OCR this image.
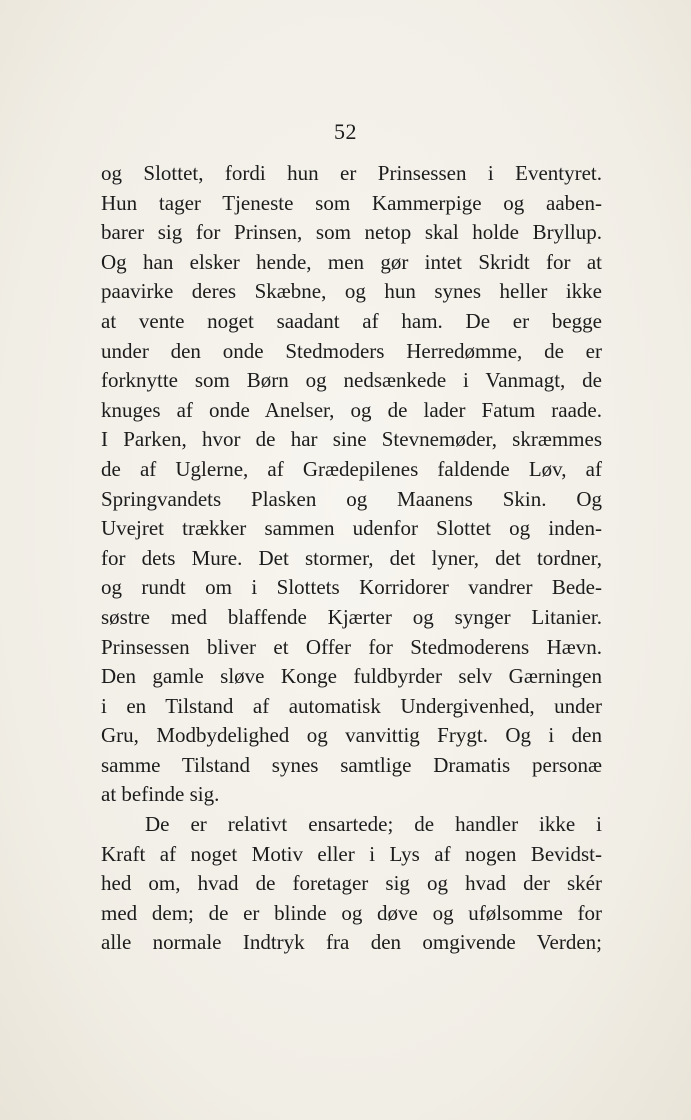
52
og Slottet, fordi hun er Prinsessen i Eventyret.
Hun tager Tjeneste som Kammerpige og aaben-
barer sig for Prinsen, som netop skal holde Bryllup.
Og han elsker hende, men gør intet Skridt for at
paavirke deres Skæbne, og hun synes heller ikke
at vente noget saadant af ham. De er begge
under den onde Stedmoders Herredømme, de er
forknytte som Børn og nedsænkede i Vanmagt, de
knuges af onde Anelser, og de lader Fatum raade.
I Parken, hvor de har sine Stevnemøder, skræmmes
de af Uglerne, af Grædepilenes faldende Løv, af
Springvandets Plasken og Maanens Skin. Og
Uvejret trækker sammen udenfor Slottet og inden-
for dets Mure. Det stormer, det lyner, det tordner,
og rundt om i Slottets Korridorer vandrer Bede-
søstre med blaffende Kjærter og synger Litanier.
Prinsessen bliver et Offer for Stedmoderens Hævn.
Den gamle sløve Konge fuldbyrder selv Gærningen
i en Tilstand af automatisk Undergivenhed, under
Gru, Modbydelighed og vanvittig Frygt. Og i den
samme Tilstand synes samtlige Dramatis personæ
at befinde sig.
De er relativt ensartede; de handler ikke i
Kraft af noget Motiv eller i Lys af nogen Bevidst-
hed om, hvad de foretager sig og hvad der skér
med dem; de er blinde og døve og ufølsomme for
alle normale Indtryk fra den omgivende Verden;
